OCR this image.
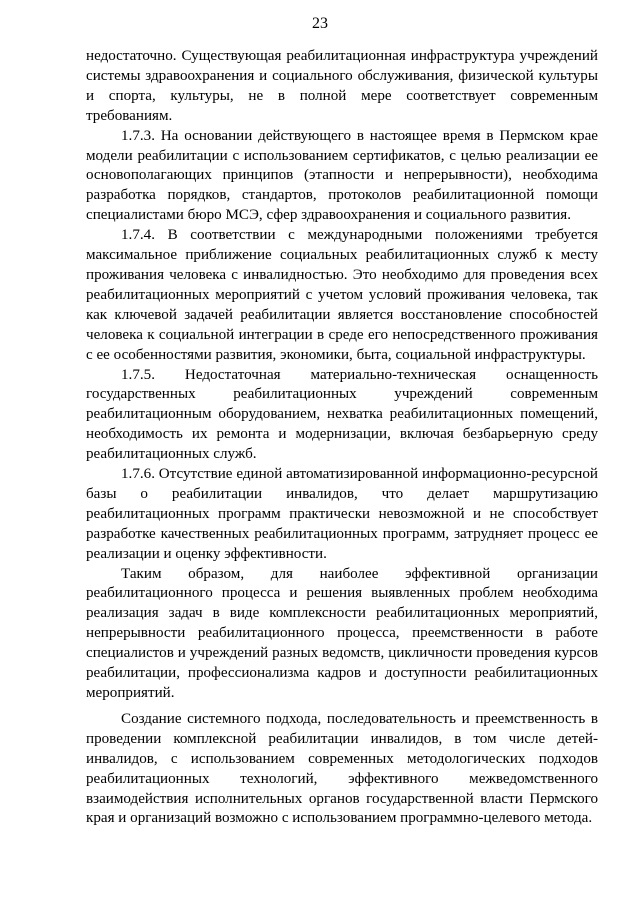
23

недостаточно. Существующая реабилитационная инфраструктура учреждений системы здравоохранения и социального обслуживания, физической культуры и спорта, культуры, не в полной мере соответствует современным требованиям.

1.7.3. На основании действующего в настоящее время в Пермском крае модели реабилитации с использованием сертификатов, с целью реализации ее основополагающих принципов (этапности и непрерывности), необходима разработка порядков, стандартов, протоколов реабилитационной помощи специалистами бюро МСЭ, сфер здравоохранения и социального развития.

1.7.4. В соответствии с международными положениями требуется максимальное приближение социальных реабилитационных служб к месту проживания человека с инвалидностью. Это необходимо для проведения всех реабилитационных мероприятий с учетом условий проживания человека, так как ключевой задачей реабилитации является восстановление способностей человека к социальной интеграции в среде его непосредственного проживания с ее особенностями развития, экономики, быта, социальной инфраструктуры.

1.7.5. Недостаточная материально-техническая оснащенность государственных реабилитационных учреждений современным реабилитационным оборудованием, нехватка реабилитационных помещений, необходимость их ремонта и модернизации, включая безбарьерную среду реабилитационных служб.

1.7.6. Отсутствие единой автоматизированной информационно-ресурсной базы о реабилитации инвалидов, что делает маршрутизацию реабилитационных программ практически невозможной и не способствует разработке качественных реабилитационных программ, затрудняет процесс ее реализации и оценку эффективности.

Таким образом, для наиболее эффективной организации реабилитационного процесса и решения выявленных проблем необходима реализация задач в виде комплексности реабилитационных мероприятий, непрерывности реабилитационного процесса, преемственности в работе специалистов и учреждений разных ведомств, цикличности проведения курсов реабилитации, профессионализма кадров и доступности реабилитационных мероприятий.

Создание системного подхода, последовательность и преемственность в проведении комплексной реабилитации инвалидов, в том числе детей-инвалидов, с использованием современных методологических подходов реабилитационных технологий, эффективного межведомственного взаимодействия исполнительных органов государственной власти Пермского края и организаций возможно с использованием программно-целевого метода.
